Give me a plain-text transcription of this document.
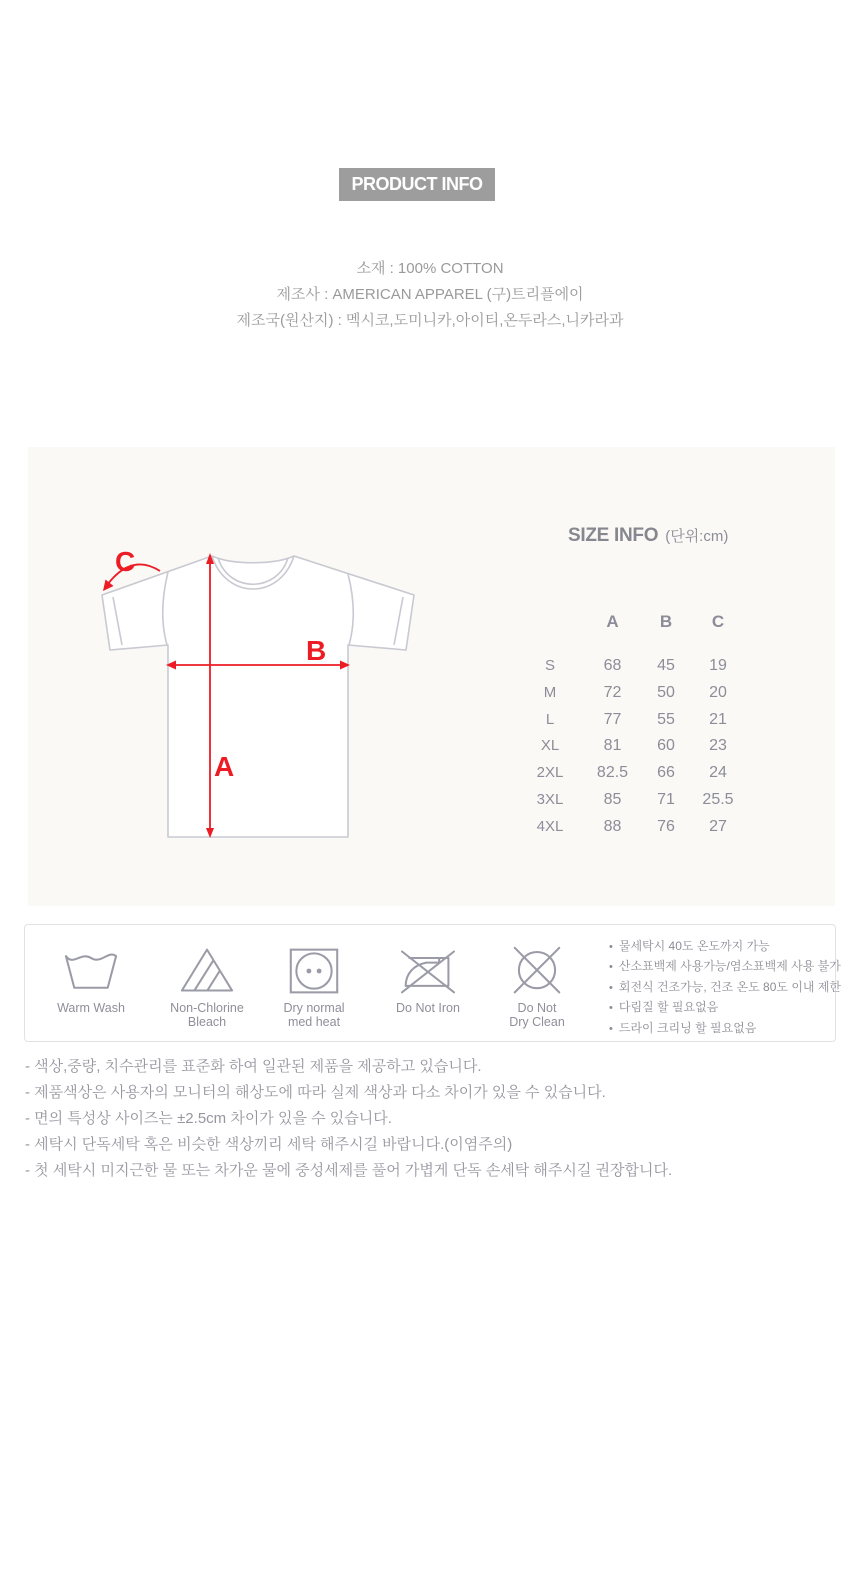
PRODUCT INFO

소재 : 100% COTTON

제조사 : AMERICAN APPAREL (구)트리플에이

제조국(원산지) : 멕시코,도미니카,아이티,온두라스,니카라과

A
B
C
SIZE INFO (단위:cm)
A	B	C
S	68	45	19
M	72	50	20
L	77	55	21
XL	81	60	23
2XL	82.5	66	24
3XL	85	71	25.5
4XL	88	76	27
Warm Wash	Non-Chlorine
Bleach
Dry normal
med heat
Do Not Iron	Do Not
Dry Clean
• 물세탁시 40도 온도까지 가능
• 산소표백제 사용가능/염소표백제 사용 불가
• 회전식 건조가능, 건조 온도 80도 이내 제한
• 다림질 할 필요없음
• 드라이 크리닝 할 필요없음

- 색상,중량, 치수관리를 표준화 하여 일관된 제품을 제공하고 있습니다.

- 제품색상은 사용자의 모니터의 해상도에 따라 실제 색상과 다소 차이가 있을 수 있습니다.

- 면의 특성상 사이즈는 ±2.5cm 차이가 있을 수 있습니다.

- 세탁시 단독세탁 혹은 비슷한 색상끼리 세탁 해주시길 바랍니다.(이염주의)

- 첫 세탁시 미지근한 물 또는 차가운 물에 중성세제를 풀어 가볍게 단독 손세탁 해주시길 권장합니다.
